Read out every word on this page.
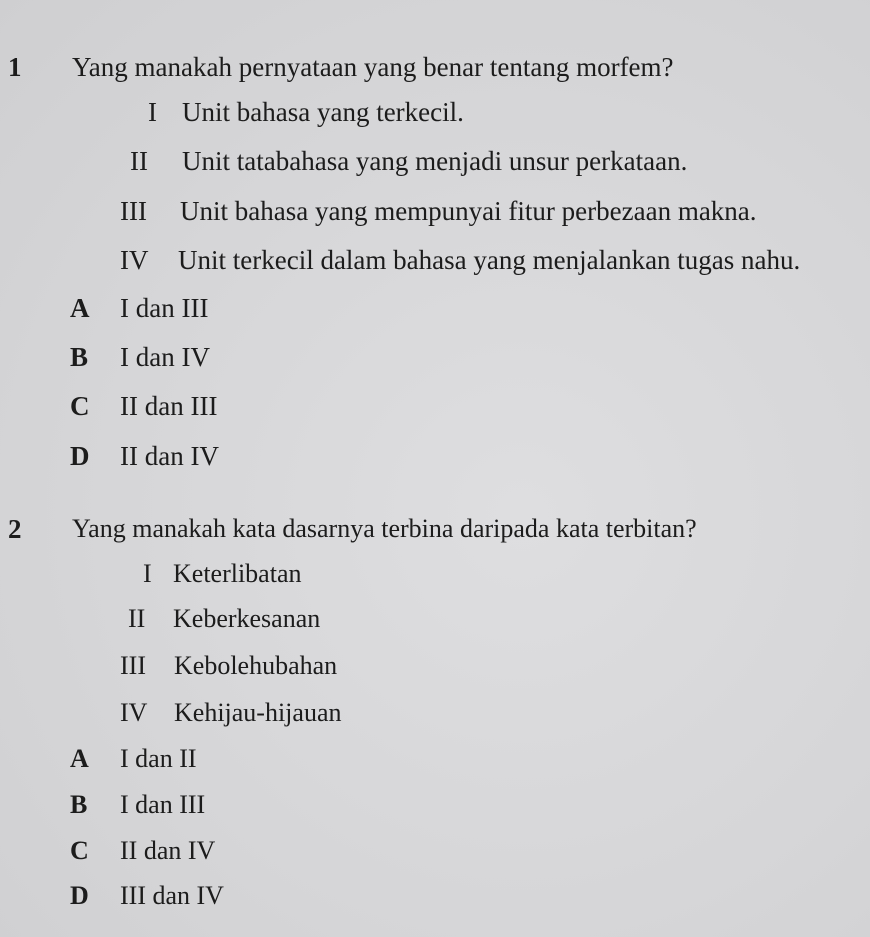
1 Yang manakah pernyataan yang benar tentang morfem?
I Unit bahasa yang terkecil.
II Unit tatabahasa yang menjadi unsur perkataan.
III Unit bahasa yang mempunyai fitur perbezaan makna.
IV Unit terkecil dalam bahasa yang menjalankan tugas nahu.
A I dan III
B I dan IV
C II dan III
D II dan IV
2 Yang manakah kata dasarnya terbina daripada kata terbitan?
I Keterlibatan
II Keberkesanan
III Kebolehubahan
IV Kehijau-hijauan
A I dan II
B I dan III
C II dan IV
D III dan IV
